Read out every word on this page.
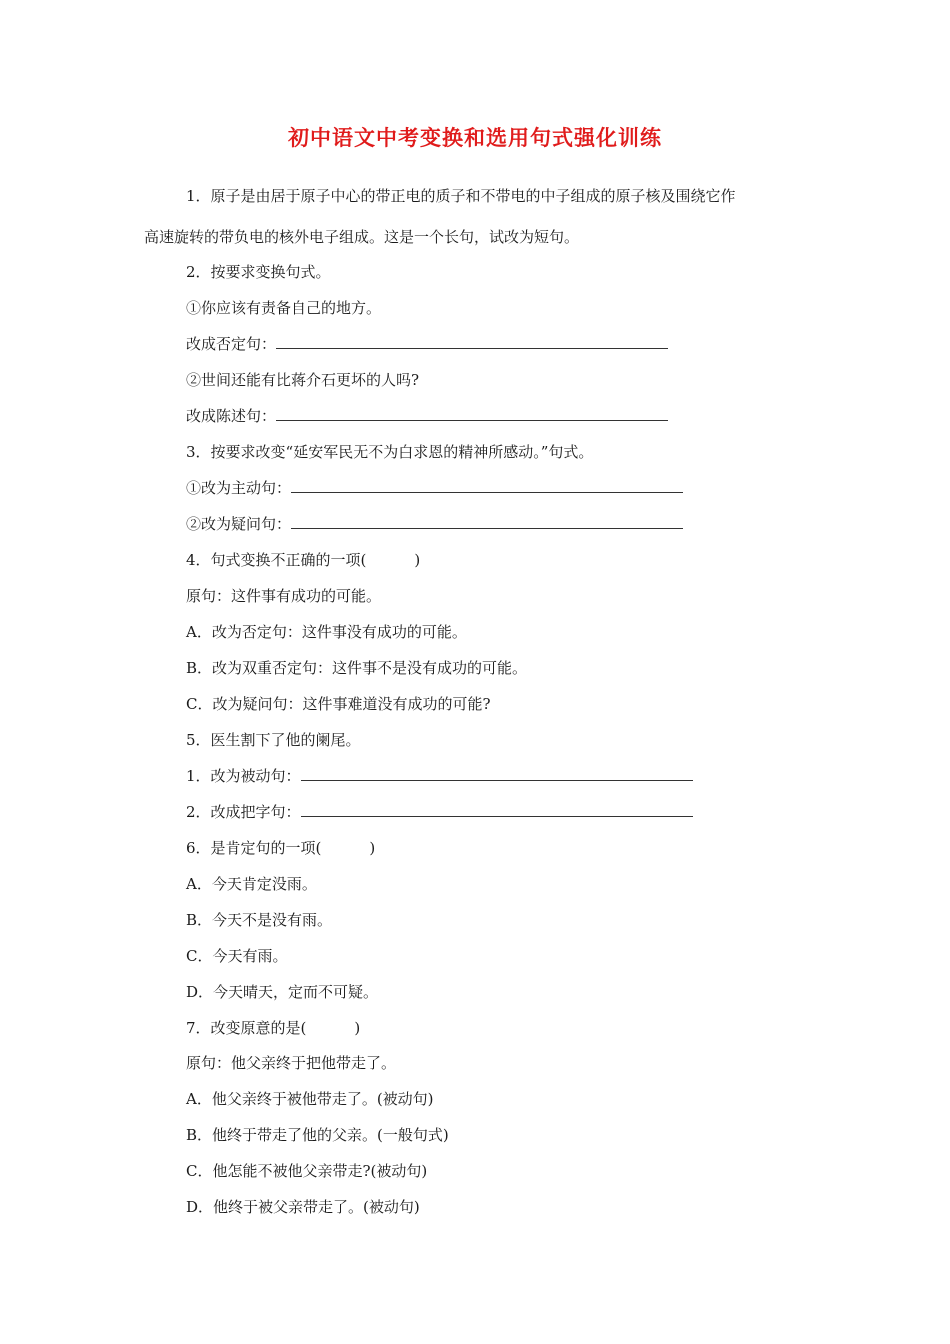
初中语文中考变换和选用句式强化训练

1．原子是由居于原子中心的带正电的质子和不带电的中子组成的原子核及围绕它作

高速旋转的带负电的核外电子组成。这是一个长句，试改为短句。

2．按要求变换句式。

①你应该有责备自己的地方。

改成否定句：

②世间还能有比蒋介石更坏的人吗?

改成陈述句：

3．按要求改变“延安军民无不为白求恩的精神所感动。”句式。

①改为主动句：

②改为疑问句：

4．句式变换不正确的一项(	)

原句：这件事有成功的可能。

A．改为否定句：这件事没有成功的可能。

B．改为双重否定句：这件事不是没有成功的可能。

C．改为疑问句：这件事难道没有成功的可能?

5．医生割下了他的阑尾。

1．改为被动句：

2．改成把字句：

6．是肯定句的一项(	)

A．今天肯定没雨。

B．今天不是没有雨。

C．今天有雨。

D．今天晴天，定而不可疑。

7．改变原意的是(	)

原句：他父亲终于把他带走了。

A．他父亲终于被他带走了。(被动句)

B．他终于带走了他的父亲。(一般句式)

C．他怎能不被他父亲带走?(被动句)

D．他终于被父亲带走了。(被动句)
